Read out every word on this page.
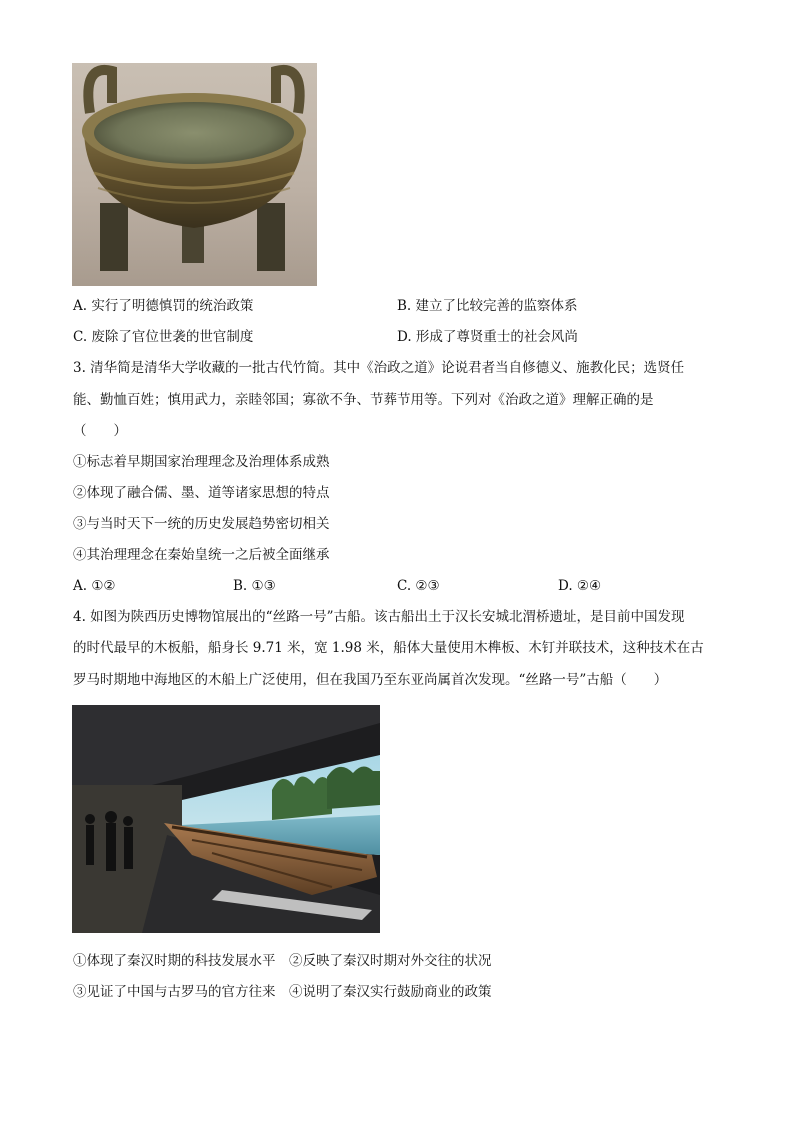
A. 实行了明德慎罚的统治政策	B. 建立了比较完善的监察体系
C. 废除了官位世袭的世官制度	D. 形成了尊贤重士的社会风尚
3. 清华简是清华大学收藏的一批古代竹简。其中《治政之道》论说君者当自修德义、施教化民；选贤任
能、勤恤百姓；慎用武力，亲睦邻国；寡欲不争、节葬节用等。下列对《治政之道》理解正确的是
（　　）
①标志着早期国家治理理念及治理体系成熟
②体现了融合儒、墨、道等诸家思想的特点
③与当时天下一统的历史发展趋势密切相关
④其治理理念在秦始皇统一之后被全面继承
A. ①②	B. ①③	C. ②③	D. ②④
4. 如图为陕西历史博物馆展出的“丝路一号”古船。该古船出土于汉长安城北渭桥遗址，是目前中国发现
的时代最早的木板船，船身长 9.71 米，宽 1.98 米，船体大量使用木榫板、木钉并联技术，这种技术在古
罗马时期地中海地区的木船上广泛使用，但在我国乃至东亚尚属首次发现。“丝路一号”古船（　　）
①体现了秦汉时期的科技发展水平　②反映了秦汉时期对外交往的状况
③见证了中国与古罗马的官方往来　④说明了秦汉实行鼓励商业的政策
